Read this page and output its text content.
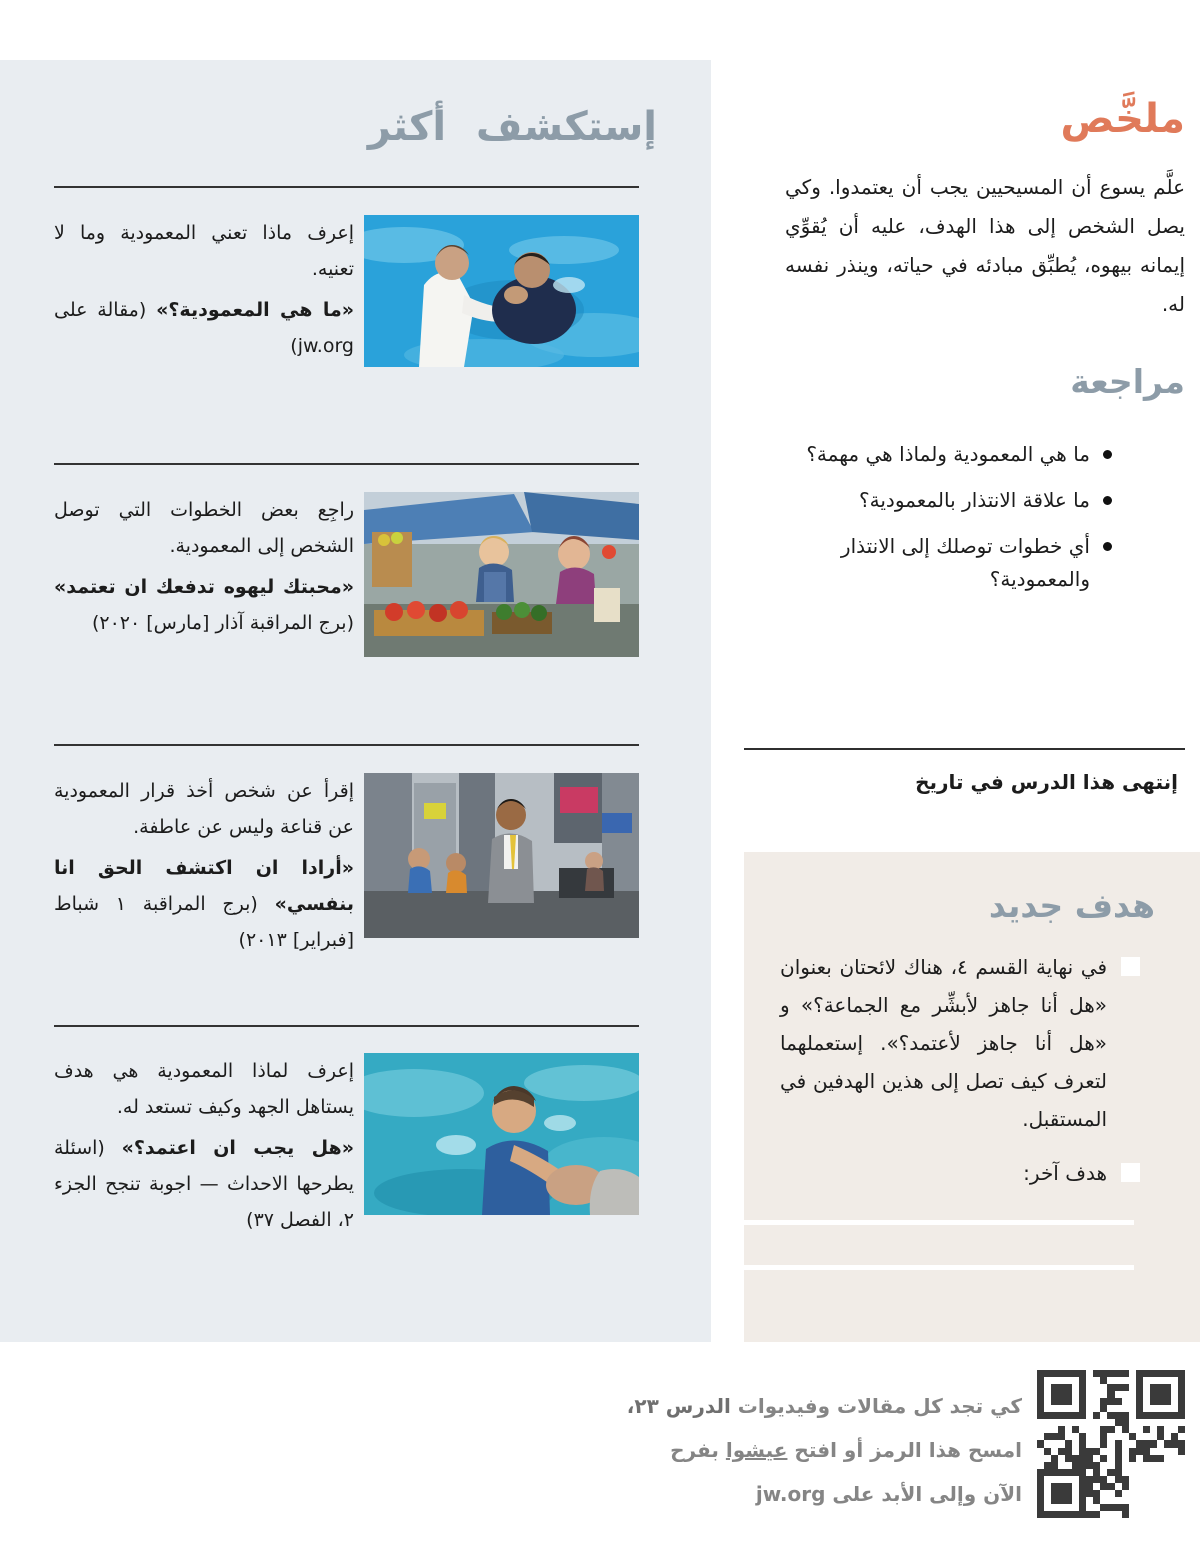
ملخَّص

علَّم يسوع أن المسيحيين يجب أن يعتمدوا. وكي يصل الشخص إلى هذا الهدف، عليه أن يُقوِّي إيمانه بيهوه، يُطبِّق مبادئه في حياته، وينذر نفسه له.

مراجعة
ما هي المعمودية ولماذا هي مهمة؟
ما علاقة الانتذار بالمعمودية؟
أي خطوات توصلك إلى الانتذار والمعمودية؟

إنتهى هذا الدرس في تاريخ

هدف جديد

في نهاية القسم ٤، هناك لائحتان بعنوان «هل أنا جاهز لأبشِّر مع الجماعة؟» و «هل أنا جاهز لأعتمد؟». إستعملهما لتعرف كيف تصل إلى هذين الهدفين في المستقبل.

هدف آخر:

إستكشف أكثر

إعرف ماذا تعني المعمودية وما لا تعنيه.

«ما هي المعمودية؟» (مقالة على jw.org)

راجِع بعض الخطوات التي توصل الشخص إلى المعمودية.

«محبتك ليهوه تدفعك ان تعتمد» (برج المراقبة آذار [مارس] ٢٠٢٠)

إقرأ عن شخص أخذ قرار المعمودية عن قناعة وليس عن عاطفة.

«أرادا ان اكتشف الحق انا بنفسي» (برج المراقبة ١ شباط [فبراير] ٢٠١٣)

إعرف لماذا المعمودية هي هدف يستاهل الجهد وكيف تستعد له.

«هل يجب ان اعتمد؟» (اسئلة يطرحها الاحداث — اجوبة تنجح الجزء ٢، الفصل ٣٧)

كي تجد كل مقالات وفيديوات الدرس ٢٣،
امسح هذا الرمز أو افتح عيشوا بفرح
الآن وإلى الأبد على jw.org
